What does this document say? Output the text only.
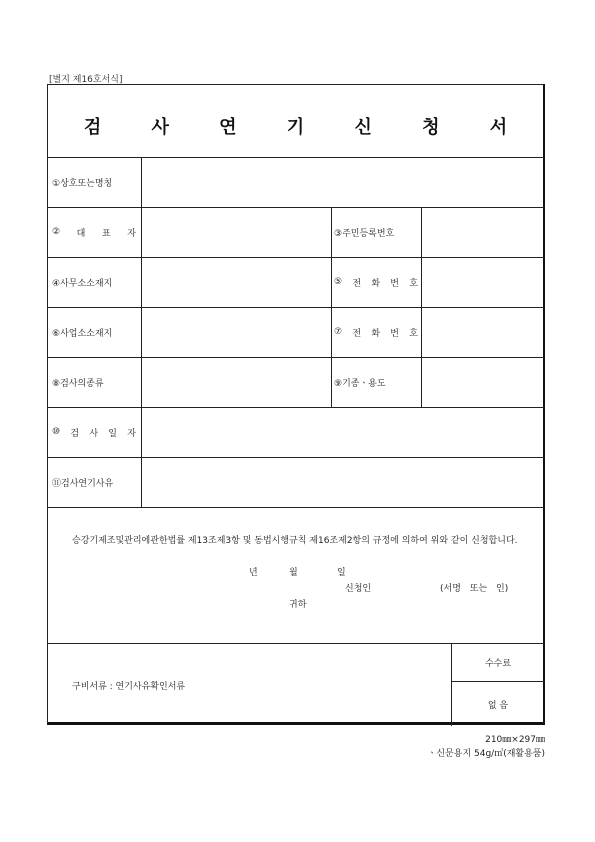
[별지 제16호서식]
검 사 연 기 신 청 서
①상호또는명칭
② 대 표 자	③주민등록번호
④사무소소재지	⑤ 전 화 번 호
⑥사업소소재지	⑦ 전 화 번 호
⑧검사의종류	⑨기종ㆍ용도
⑩ 검 사 일 자
⑪검사연기사유
승강기제조및관리에관한법률 제13조제3항 및 동법시행규칙 제16조제2항의 규정에 의하여 위와 같이 신청합니다.
년	월	일
신청인	(서명 또는 인)
귀하
구비서류 : 연기사유확인서류
수수료
없 음
210㎜×297㎜
ㆍ신문용지 54g/㎡(재활용품)
